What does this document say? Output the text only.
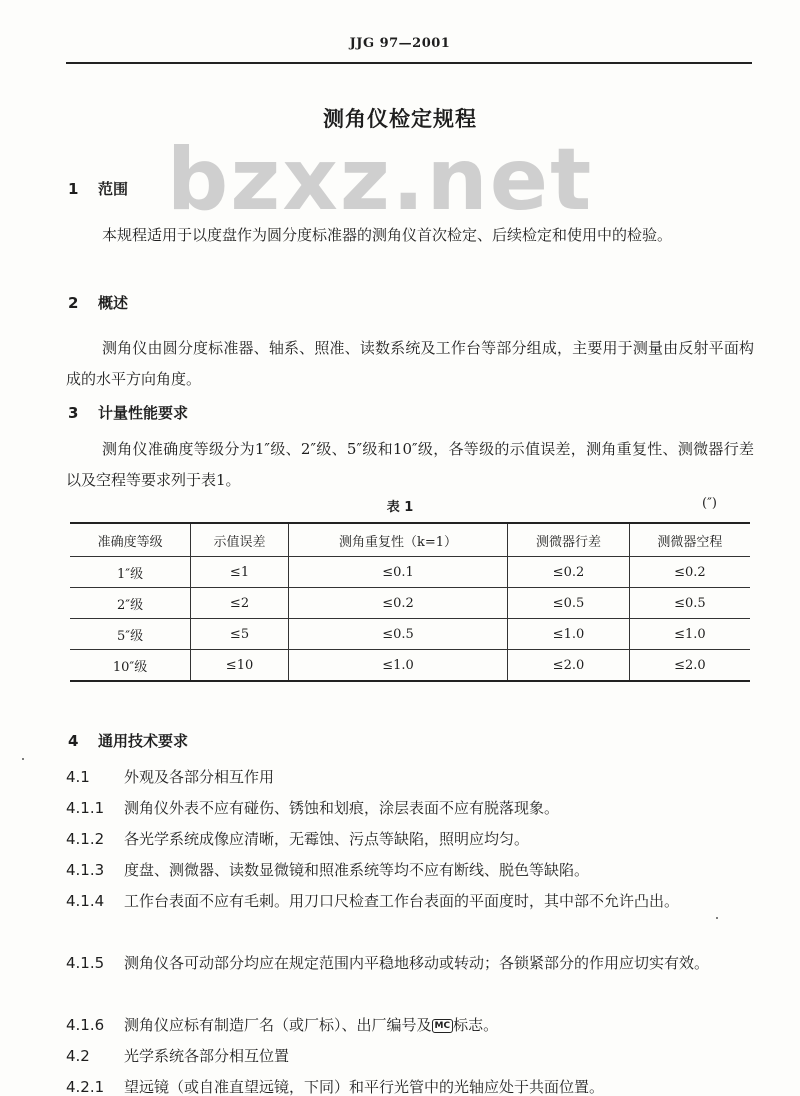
JJG 97—2001
测角仪检定规程
bzxz.net
1 范围
本规程适用于以度盘作为圆分度标准器的测角仪首次检定、后续检定和使用中的检验。
2 概述
测角仪由圆分度标准器、轴系、照准、读数系统及工作台等部分组成，主要用于测量由反射平面构成的水平方向角度。
3 计量性能要求
测角仪准确度等级分为1″级、2″级、5″级和10″级，各等级的示值误差，测角重复性、测微器行差以及空程等要求列于表1。
表 1	(″)
准确度等级	示值误差	测角重复性（k=1）	测微器行差	测微器空程
1″级	≤1	≤0.1	≤0.2	≤0.2
2″级	≤2	≤0.2	≤0.5	≤0.5
5″级	≤5	≤0.5	≤1.0	≤1.0
10″级	≤10	≤1.0	≤2.0	≤2.0
4 通用技术要求
4.1 外观及各部分相互作用
4.1.1 测角仪外表不应有碰伤、锈蚀和划痕，涂层表面不应有脱落现象。
4.1.2 各光学系统成像应清晰，无霉蚀、污点等缺陷，照明应均匀。
4.1.3 度盘、测微器、读数显微镜和照准系统等均不应有断线、脱色等缺陷。
4.1.4 工作台表面不应有毛刺。用刀口尺检查工作台表面的平面度时，其中部不允许凸出。
4.1.5 测角仪各可动部分均应在规定范围内平稳地移动或转动；各锁紧部分的作用应切实有效。
4.1.6 测角仪应标有制造厂名（或厂标）、出厂编号及 MC 标志。
4.2 光学系统各部分相互位置
4.2.1 望远镜（或自准直望远镜，下同）和平行光管中的光轴应处于共面位置。
